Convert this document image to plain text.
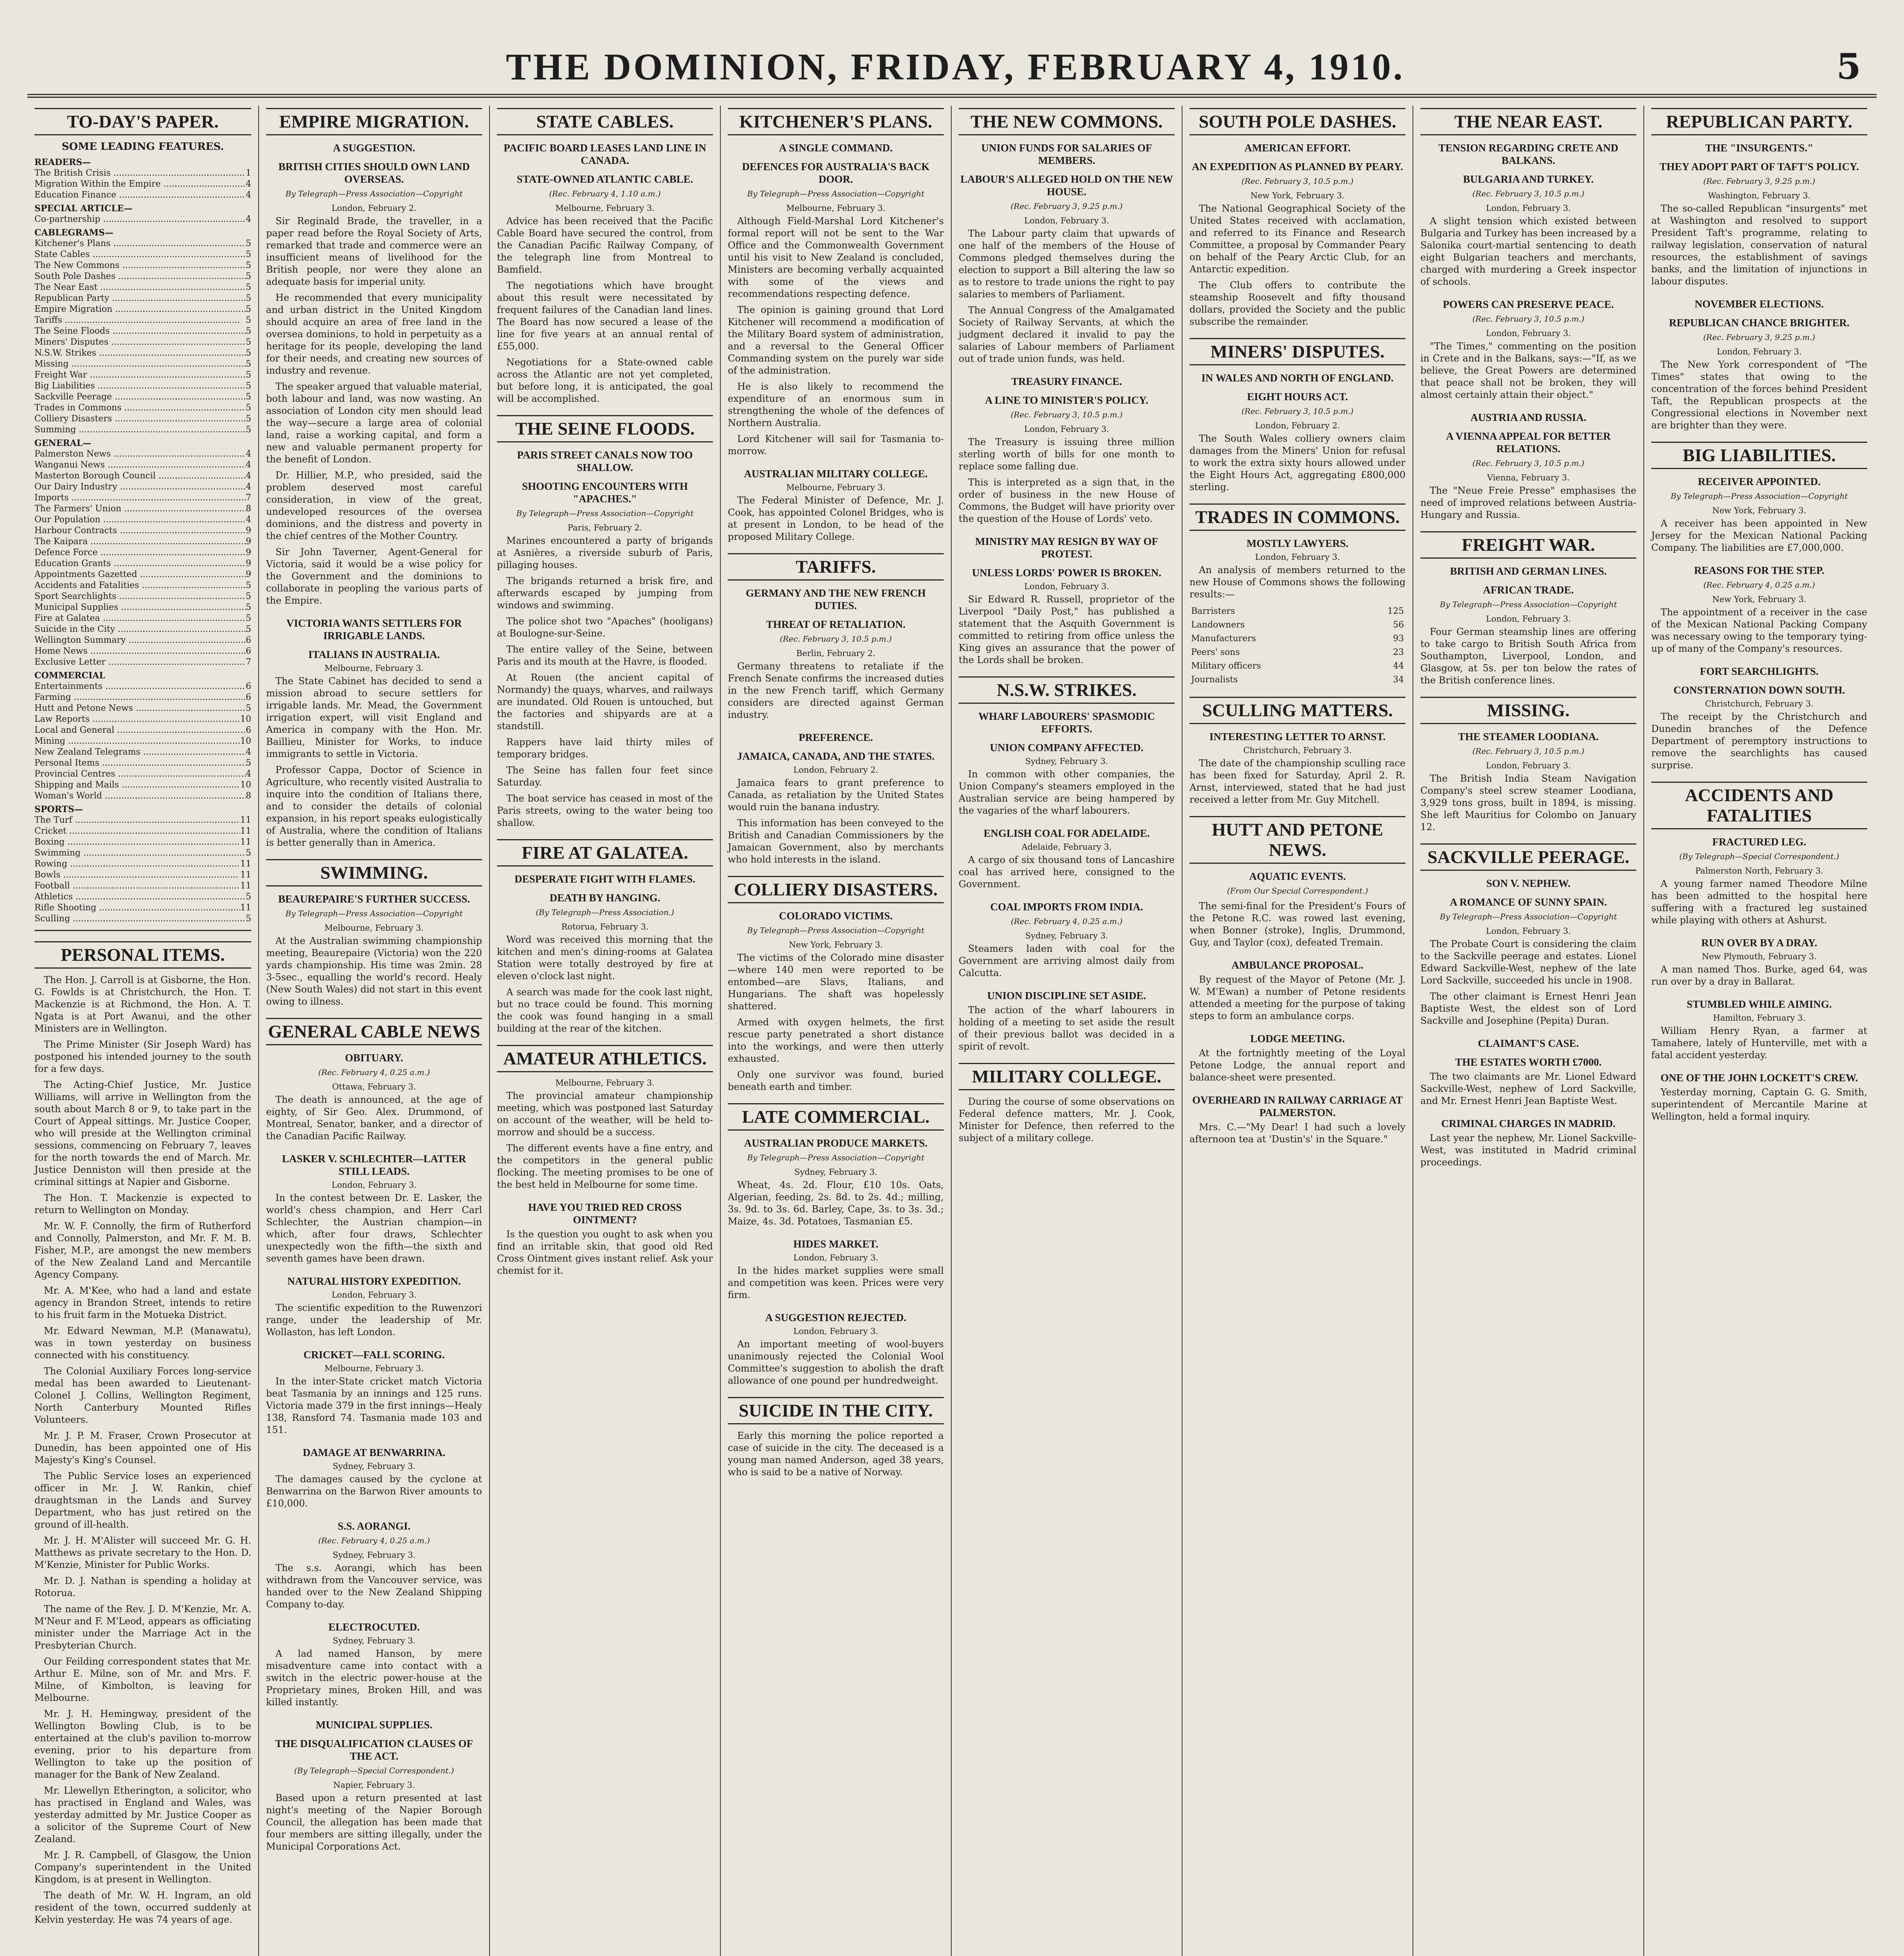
THE DOMINION, FRIDAY, FEBRUARY 4, 1910.	5
TO-DAY'S PAPER.
SOME LEADING FEATURES.
READERS—
The British Crisis .....	1
Migration Within the Empire .....	4
Education Finance .....	4
SPECIAL ARTICLE—
Co-partnership .....	4
CABLEGRAMS—
Kitchener's Plans .....	5
State Cables .....	5
The New Commons .....	5
South Pole Dashes .....	5
The Near East .....	5
Republican Party .....	5
Empire Migration .....	5
Tariffs .....	5
The Seine Floods .....	5
Miners' Disputes .....	5
N.S.W. Strikes .....	5
Missing .....	5
Freight War .....	5
Big Liabilities .....	5
Sackville Peerage .....	5
Trades in Commons .....	5
Colliery Disasters .....	5
Summing .....	5
GENERAL—
Palmerston News .....	4
Wanganui News .....	4
Masterton Borough Council .....	4
Our Dairy Industry .....	4
Imports .....	7
The Farmers' Union .....	8
Our Population .....	4
Harbour Contracts .....	9
The Kaipara .....	9
Defence Force .....	9
Education Grants .....	9
Appointments Gazetted .....	9
Accidents and Fatalities .....	5
Sport Searchlights .....	5
Municipal Supplies .....	5
Fire at Galatea .....	5
Suicide in the City .....	5
Wellington Summary .....	6
Home News .....	6
Exclusive Letter .....	7
COMMERCIAL
Entertainments .....	6
Farming .....	6
Hutt and Petone News .....	5
Law Reports .....	10
Local and General .....	6
Mining .....	10
New Zealand Telegrams .....	4
Personal Items .....	5
Provincial Centres .....	4
Shipping and Mails .....	10
Woman's World .....	8
SPORTS—
The Turf .....	11
Cricket .....	11
Boxing .....	11
Swimming .....	5
Rowing .....	11
Bowls .....	11
Football .....	11
Athletics .....	5
Rifle Shooting .....	11
Sculling .....	5
PERSONAL ITEMS.

The Hon. J. Carroll is at Gisborne, the Hon. G. Fowlds is at Christchurch, the Hon. T. Mackenzie is at Richmond, the Hon. A. T. Ngata is at Port Awanui, and the other Ministers are in Wellington.

The Prime Minister (Sir Joseph Ward) has postponed his intended journey to the south for a few days.

The Acting-Chief Justice, Mr. Justice Williams, will arrive in Wellington from the south about March 8 or 9, to take part in the Court of Appeal sittings. Mr. Justice Cooper, who will preside at the Wellington criminal sessions, commencing on February 7, leaves for the north towards the end of March. Mr. Justice Denniston will then preside at the criminal sittings at Napier and Gisborne.

The Hon. T. Mackenzie is expected to return to Wellington on Monday.

Mr. W. F. Connolly, the firm of Rutherford and Connolly, Palmerston, and Mr. F. M. B. Fisher, M.P., are amongst the new members of the New Zealand Land and Mercantile Agency Company.

Mr. A. M'Kee, who had a land and estate agency in Brandon Street, intends to retire to his fruit farm in the Motueka District.

Mr. Edward Newman, M.P. (Manawatu), was in town yesterday on business connected with his constituency.

The Colonial Auxiliary Forces long-service medal has been awarded to Lieutenant-Colonel J. Collins, Wellington Regiment, North Canterbury Mounted Rifles Volunteers.

Mr. J. P. M. Fraser, Crown Prosecutor at Dunedin, has been appointed one of His Majesty's King's Counsel.

The Public Service loses an experienced officer in Mr. J. W. Rankin, chief draughtsman in the Lands and Survey Department, who has just retired on the ground of ill-health.

Mr. J. H. M'Alister will succeed Mr. G. H. Matthews as private secretary to the Hon. D. M'Kenzie, Minister for Public Works.

Mr. D. J. Nathan is spending a holiday at Rotorua.

The name of the Rev. J. D. M'Kenzie, Mr. A. M'Neur and F. M'Leod, appears as officiating minister under the Marriage Act in the Presbyterian Church.

Our Feilding correspondent states that Mr. Arthur E. Milne, son of Mr. and Mrs. F. Milne, of Kimbolton, is leaving for Melbourne.

Mr. J. H. Hemingway, president of the Wellington Bowling Club, is to be entertained at the club's pavilion to-morrow evening, prior to his departure from Wellington to take up the position of manager for the Bank of New Zealand.

Mr. Llewellyn Etherington, a solicitor, who has practised in England and Wales, was yesterday admitted by Mr. Justice Cooper as a solicitor of the Supreme Court of New Zealand.

Mr. J. R. Campbell, of Glasgow, the Union Company's superintendent in the United Kingdom, is at present in Wellington.

The death of Mr. W. H. Ingram, an old resident of the town, occurred suddenly at Kelvin yesterday. He was 74 years of age.

EMPIRE MIGRATION.
A SUGGESTION.
BRITISH CITIES SHOULD OWN LAND OVERSEAS.
By Telegraph—Press Association—Copyright
London, February 2.

Sir Reginald Brade, the traveller, in a paper read before the Royal Society of Arts, remarked that trade and commerce were an insufficient means of livelihood for the British people, nor were they alone an adequate basis for imperial unity.

He recommended that every municipality and urban district in the United Kingdom should acquire an area of free land in the oversea dominions, to hold in perpetuity as a heritage for its people, developing the land for their needs, and creating new sources of industry and revenue.

The speaker argued that valuable material, both labour and land, was now wasting. An association of London city men should lead the way—secure a large area of colonial land, raise a working capital, and form a new and valuable permanent property for the benefit of London.

Dr. Hillier, M.P., who presided, said the problem deserved most careful consideration, in view of the great, undeveloped resources of the oversea dominions, and the distress and poverty in the chief centres of the Mother Country.

Sir John Taverner, Agent-General for Victoria, said it would be a wise policy for the Government and the dominions to collaborate in peopling the various parts of the Empire.

VICTORIA WANTS SETTLERS FOR IRRIGABLE LANDS.
ITALIANS IN AUSTRALIA.
Melbourne, February 3.

The State Cabinet has decided to send a mission abroad to secure settlers for irrigable lands. Mr. Mead, the Government irrigation expert, will visit England and America in company with the Hon. Mr. Baillieu, Minister for Works, to induce immigrants to settle in Victoria.

Professor Cappa, Doctor of Science in Agriculture, who recently visited Australia to inquire into the condition of Italians there, and to consider the details of colonial expansion, in his report speaks eulogistically of Australia, where the condition of Italians is better generally than in America.

SWIMMING.
BEAUREPAIRE'S FURTHER SUCCESS.
By Telegraph—Press Association—Copyright
Melbourne, February 3.

At the Australian swimming championship meeting, Beaurepaire (Victoria) won the 220 yards championship. His time was 2min. 28 3-5sec., equalling the world's record. Healy (New South Wales) did not start in this event owing to illness.

GENERAL CABLE NEWS
OBITUARY.
(Rec. February 4, 0.25 a.m.)
Ottawa, February 3.

The death is announced, at the age of eighty, of Sir Geo. Alex. Drummond, of Montreal, Senator, banker, and a director of the Canadian Pacific Railway.

LASKER V. SCHLECHTER—LATTER STILL LEADS.
London, February 3.

In the contest between Dr. E. Lasker, the world's chess champion, and Herr Carl Schlechter, the Austrian champion—in which, after four draws, Schlechter unexpectedly won the fifth—the sixth and seventh games have been drawn.

NATURAL HISTORY EXPEDITION.
London, February 3.

The scientific expedition to the Ruwenzori range, under the leadership of Mr. Wollaston, has left London.

CRICKET—FALL SCORING.
Melbourne, February 3.

In the inter-State cricket match Victoria beat Tasmania by an innings and 125 runs. Victoria made 379 in the first innings—Healy 138, Ransford 74. Tasmania made 103 and 151.

DAMAGE AT BENWARRINA.
Sydney, February 3.

The damages caused by the cyclone at Benwarrina on the Barwon River amounts to £10,000.

S.S. AORANGI.
(Rec. February 4, 0.25 a.m.)
Sydney, February 3.

The s.s. Aorangi, which has been withdrawn from the Vancouver service, was handed over to the New Zealand Shipping Company to-day.

ELECTROCUTED.
Sydney, February 3.

A lad named Hanson, by mere misadventure came into contact with a switch in the electric power-house at the Proprietary mines, Broken Hill, and was killed instantly.

MUNICIPAL SUPPLIES.
THE DISQUALIFICATION CLAUSES OF THE ACT.
(By Telegraph—Special Correspondent.)
Napier, February 3.

Based upon a return presented at last night's meeting of the Napier Borough Council, the allegation has been made that four members are sitting illegally, under the Municipal Corporations Act.

STATE CABLES.
PACIFIC BOARD LEASES LAND LINE IN CANADA.
STATE-OWNED ATLANTIC CABLE.
(Rec. February 4, 1.10 a.m.)
Melbourne, February 3.

Advice has been received that the Pacific Cable Board have secured the control, from the Canadian Pacific Railway Company, of the telegraph line from Montreal to Bamfield.

The negotiations which have brought about this result were necessitated by frequent failures of the Canadian land lines. The Board has now secured a lease of the line for five years at an annual rental of £55,000.

Negotiations for a State-owned cable across the Atlantic are not yet completed, but before long, it is anticipated, the goal will be accomplished.

THE SEINE FLOODS.
PARIS STREET CANALS NOW TOO SHALLOW.
SHOOTING ENCOUNTERS WITH "APACHES."
By Telegraph—Press Association—Copyright
Paris, February 2.

Marines encountered a party of brigands at Asnières, a riverside suburb of Paris, pillaging houses.

The brigands returned a brisk fire, and afterwards escaped by jumping from windows and swimming.

The police shot two "Apaches" (hooligans) at Boulogne-sur-Seine.

The entire valley of the Seine, between Paris and its mouth at the Havre, is flooded.

At Rouen (the ancient capital of Normandy) the quays, wharves, and railways are inundated. Old Rouen is untouched, but the factories and shipyards are at a standstill.

Rappers have laid thirty miles of temporary bridges.

The Seine has fallen four feet since Saturday.

The boat service has ceased in most of the Paris streets, owing to the water being too shallow.

FIRE AT GALATEA.
DESPERATE FIGHT WITH FLAMES.
DEATH BY HANGING.
(By Telegraph—Press Association.)
Rotorua, February 3.

Word was received this morning that the kitchen and men's dining-rooms at Galatea Station were totally destroyed by fire at eleven o'clock last night.

A search was made for the cook last night, but no trace could be found. This morning the cook was found hanging in a small building at the rear of the kitchen.

AMATEUR ATHLETICS.
Melbourne, February 3.

The provincial amateur championship meeting, which was postponed last Saturday on account of the weather, will be held to-morrow and should be a success.

The different events have a fine entry, and the competitors in the general public flocking. The meeting promises to be one of the best held in Melbourne for some time.

HAVE YOU TRIED RED CROSS OINTMENT?

Is the question you ought to ask when you find an irritable skin, that good old Red Cross Ointment gives instant relief. Ask your chemist for it.

KITCHENER'S PLANS.
A SINGLE COMMAND.
DEFENCES FOR AUSTRALIA'S BACK DOOR.
By Telegraph—Press Association—Copyright
Melbourne, February 3.

Although Field-Marshal Lord Kitchener's formal report will not be sent to the War Office and the Commonwealth Government until his visit to New Zealand is concluded, Ministers are becoming verbally acquainted with some of the views and recommendations respecting defence.

The opinion is gaining ground that Lord Kitchener will recommend a modification of the Military Board system of administration, and a reversal to the General Officer Commanding system on the purely war side of the administration.

He is also likely to recommend the expenditure of an enormous sum in strengthening the whole of the defences of Northern Australia.

Lord Kitchener will sail for Tasmania to-morrow.

AUSTRALIAN MILITARY COLLEGE.
Melbourne, February 3.

The Federal Minister of Defence, Mr. J. Cook, has appointed Colonel Bridges, who is at present in London, to be head of the proposed Military College.

TARIFFS.
GERMANY AND THE NEW FRENCH DUTIES.
THREAT OF RETALIATION.
(Rec. February 3, 10.5 p.m.)
Berlin, February 2.

Germany threatens to retaliate if the French Senate confirms the increased duties in the new French tariff, which Germany considers are directed against German industry.

PREFERENCE.
JAMAICA, CANADA, AND THE STATES.
London, February 2.

Jamaica fears to grant preference to Canada, as retaliation by the United States would ruin the banana industry.

This information has been conveyed to the British and Canadian Commissioners by the Jamaican Government, also by merchants who hold interests in the island.

COLLIERY DISASTERS.
COLORADO VICTIMS.
By Telegraph—Press Association—Copyright
New York, February 3.

The victims of the Colorado mine disaster—where 140 men were reported to be entombed—are Slavs, Italians, and Hungarians. The shaft was hopelessly shattered.

Armed with oxygen helmets, the first rescue party penetrated a short distance into the workings, and were then utterly exhausted.

Only one survivor was found, buried beneath earth and timber.

LATE COMMERCIAL.
AUSTRALIAN PRODUCE MARKETS.
By Telegraph—Press Association—Copyright
Sydney, February 3.

Wheat, 4s. 2d. Flour, £10 10s. Oats, Algerian, feeding, 2s. 8d. to 2s. 4d.; milling, 3s. 9d. to 3s. 6d. Barley, Cape, 3s. to 3s. 3d.; Maize, 4s. 3d. Potatoes, Tasmanian £5.

HIDES MARKET.
London, February 3.

In the hides market supplies were small and competition was keen. Prices were very firm.

A SUGGESTION REJECTED.
London, February 3.

An important meeting of wool-buyers unanimously rejected the Colonial Wool Committee's suggestion to abolish the draft allowance of one pound per hundredweight.

SUICIDE IN THE CITY.

Early this morning the police reported a case of suicide in the city. The deceased is a young man named Anderson, aged 38 years, who is said to be a native of Norway.

THE NEW COMMONS.
UNION FUNDS FOR SALARIES OF MEMBERS.
LABOUR'S ALLEGED HOLD ON THE NEW HOUSE.
(Rec. February 3, 9.25 p.m.)
London, February 3.

The Labour party claim that upwards of one half of the members of the House of Commons pledged themselves during the election to support a Bill altering the law so as to restore to trade unions the right to pay salaries to members of Parliament.

The Annual Congress of the Amalgamated Society of Railway Servants, at which the judgment declared it invalid to pay the salaries of Labour members of Parliament out of trade union funds, was held.

TREASURY FINANCE.
A LINE TO MINISTER'S POLICY.
(Rec. February 3, 10.5 p.m.)
London, February 3.

The Treasury is issuing three million sterling worth of bills for one month to replace some falling due.

This is interpreted as a sign that, in the order of business in the new House of Commons, the Budget will have priority over the question of the House of Lords' veto.

MINISTRY MAY RESIGN BY WAY OF PROTEST.
UNLESS LORDS' POWER IS BROKEN.
London, February 3.

Sir Edward R. Russell, proprietor of the Liverpool "Daily Post," has published a statement that the Asquith Government is committed to retiring from office unless the King gives an assurance that the power of the Lords shall be broken.

N.S.W. STRIKES.
WHARF LABOURERS' SPASMODIC EFFORTS.
UNION COMPANY AFFECTED.
Sydney, February 3.

In common with other companies, the Union Company's steamers employed in the Australian service are being hampered by the vagaries of the wharf labourers.

ENGLISH COAL FOR ADELAIDE.
Adelaide, February 3.

A cargo of six thousand tons of Lancashire coal has arrived here, consigned to the Government.

COAL IMPORTS FROM INDIA.
(Rec. February 4, 0.25 a.m.)
Sydney, February 3.

Steamers laden with coal for the Government are arriving almost daily from Calcutta.

UNION DISCIPLINE SET ASIDE.

The action of the wharf labourers in holding of a meeting to set aside the result of their previous ballot was decided in a spirit of revolt.

MILITARY COLLEGE.

During the course of some observations on Federal defence matters, Mr. J. Cook, Minister for Defence, then referred to the subject of a military college.

SOUTH POLE DASHES.
AMERICAN EFFORT.
AN EXPEDITION AS PLANNED BY PEARY.
(Rec. February 3, 10.5 p.m.)
New York, February 3.

The National Geographical Society of the United States received with acclamation, and referred to its Finance and Research Committee, a proposal by Commander Peary on behalf of the Peary Arctic Club, for an Antarctic expedition.

The Club offers to contribute the steamship Roosevelt and fifty thousand dollars, provided the Society and the public subscribe the remainder.

MINERS' DISPUTES.
IN WALES AND NORTH OF ENGLAND.
EIGHT HOURS ACT.
(Rec. February 3, 10.5 p.m.)
London, February 2.

The South Wales colliery owners claim damages from the Miners' Union for refusal to work the extra sixty hours allowed under the Eight Hours Act, aggregating £800,000 sterling.

TRADES IN COMMONS.
MOSTLY LAWYERS.
London, February 3.

An analysis of members returned to the new House of Commons shows the following results:—

Barristers	125
Landowners	56
Manufacturers	93
Peers' sons	23
Military officers	44
Journalists	34
SCULLING MATTERS.
INTERESTING LETTER TO ARNST.
Christchurch, February 3.

The date of the championship sculling race has been fixed for Saturday, April 2. R. Arnst, interviewed, stated that he had just received a letter from Mr. Guy Mitchell.

HUTT AND PETONE NEWS.
AQUATIC EVENTS.
(From Our Special Correspondent.)

The semi-final for the President's Fours of the Petone R.C. was rowed last evening, when Bonner (stroke), Inglis, Drummond, Guy, and Taylor (cox), defeated Tremain.

AMBULANCE PROPOSAL.

By request of the Mayor of Petone (Mr. J. W. M'Ewan) a number of Petone residents attended a meeting for the purpose of taking steps to form an ambulance corps.

LODGE MEETING.

At the fortnightly meeting of the Loyal Petone Lodge, the annual report and balance-sheet were presented.

OVERHEARD IN RAILWAY CARRIAGE AT PALMERSTON.

Mrs. C.—"My Dear! I had such a lovely afternoon tea at 'Dustin's' in the Square."

THE NEAR EAST.
TENSION REGARDING CRETE AND BALKANS.
BULGARIA AND TURKEY.
(Rec. February 3, 10.5 p.m.)
London, February 3.

A slight tension which existed between Bulgaria and Turkey has been increased by a Salonika court-martial sentencing to death eight Bulgarian teachers and merchants, charged with murdering a Greek inspector of schools.

POWERS CAN PRESERVE PEACE.
(Rec. February 3, 10.5 p.m.)
London, February 3.

"The Times," commenting on the position in Crete and in the Balkans, says:—"If, as we believe, the Great Powers are determined that peace shall not be broken, they will almost certainly attain their object."

AUSTRIA AND RUSSIA.
A VIENNA APPEAL FOR BETTER RELATIONS.
(Rec. February 3, 10.5 p.m.)
Vienna, February 3.

The "Neue Freie Presse" emphasises the need of improved relations between Austria-Hungary and Russia.

FREIGHT WAR.
BRITISH AND GERMAN LINES.
AFRICAN TRADE.
By Telegraph—Press Association—Copyright
London, February 3.

Four German steamship lines are offering to take cargo to British South Africa from Southampton, Liverpool, London, and Glasgow, at 5s. per ton below the rates of the British conference lines.

MISSING.
THE STEAMER LOODIANA.
(Rec. February 3, 10.5 p.m.)
London, February 3.

The British India Steam Navigation Company's steel screw steamer Loodiana, 3,929 tons gross, built in 1894, is missing. She left Mauritius for Colombo on January 12.

SACKVILLE PEERAGE.
SON V. NEPHEW.
A ROMANCE OF SUNNY SPAIN.
By Telegraph—Press Association—Copyright
London, February 3.

The Probate Court is considering the claim to the Sackville peerage and estates. Lionel Edward Sackville-West, nephew of the late Lord Sackville, succeeded his uncle in 1908.

The other claimant is Ernest Henri Jean Baptiste West, the eldest son of Lord Sackville and Josephine (Pepita) Duran.

CLAIMANT'S CASE.
THE ESTATES WORTH £7000.

The two claimants are Mr. Lionel Edward Sackville-West, nephew of Lord Sackville, and Mr. Ernest Henri Jean Baptiste West.

CRIMINAL CHARGES IN MADRID.

Last year the nephew, Mr. Lionel Sackville-West, was instituted in Madrid criminal proceedings.

REPUBLICAN PARTY.
THE "INSURGENTS."
THEY ADOPT PART OF TAFT'S POLICY.
(Rec. February 3, 9.25 p.m.)
Washington, February 3.

The so-called Republican "insurgents" met at Washington and resolved to support President Taft's programme, relating to railway legislation, conservation of natural resources, the establishment of savings banks, and the limitation of injunctions in labour disputes.

NOVEMBER ELECTIONS.
REPUBLICAN CHANCE BRIGHTER.
(Rec. February 3, 9.25 p.m.)
London, February 3.

The New York correspondent of "The Times" states that owing to the concentration of the forces behind President Taft, the Republican prospects at the Congressional elections in November next are brighter than they were.

BIG LIABILITIES.
RECEIVER APPOINTED.
By Telegraph—Press Association—Copyright
New York, February 3.

A receiver has been appointed in New Jersey for the Mexican National Packing Company. The liabilities are £7,000,000.

REASONS FOR THE STEP.
(Rec. February 4, 0.25 a.m.)
New York, February 3.

The appointment of a receiver in the case of the Mexican National Packing Company was necessary owing to the temporary tying-up of many of the Company's resources.

FORT SEARCHLIGHTS.
CONSTERNATION DOWN SOUTH.
Christchurch, February 3.

The receipt by the Christchurch and Dunedin branches of the Defence Department of peremptory instructions to remove the searchlights has caused surprise.

ACCIDENTS AND FATALITIES
FRACTURED LEG.
(By Telegraph—Special Correspondent.)
Palmerston North, February 3.

A young farmer named Theodore Milne has been admitted to the hospital here suffering with a fractured leg sustained while playing with others at Ashurst.

RUN OVER BY A DRAY.
New Plymouth, February 3.

A man named Thos. Burke, aged 64, was run over by a dray in Ballarat.

STUMBLED WHILE AIMING.
Hamilton, February 3.

William Henry Ryan, a farmer at Tamahere, lately of Hunterville, met with a fatal accident yesterday.

ONE OF THE JOHN LOCKETT'S CREW.

Yesterday morning, Captain G. G. Smith, superintendent of Mercantile Marine at Wellington, held a formal inquiry.
